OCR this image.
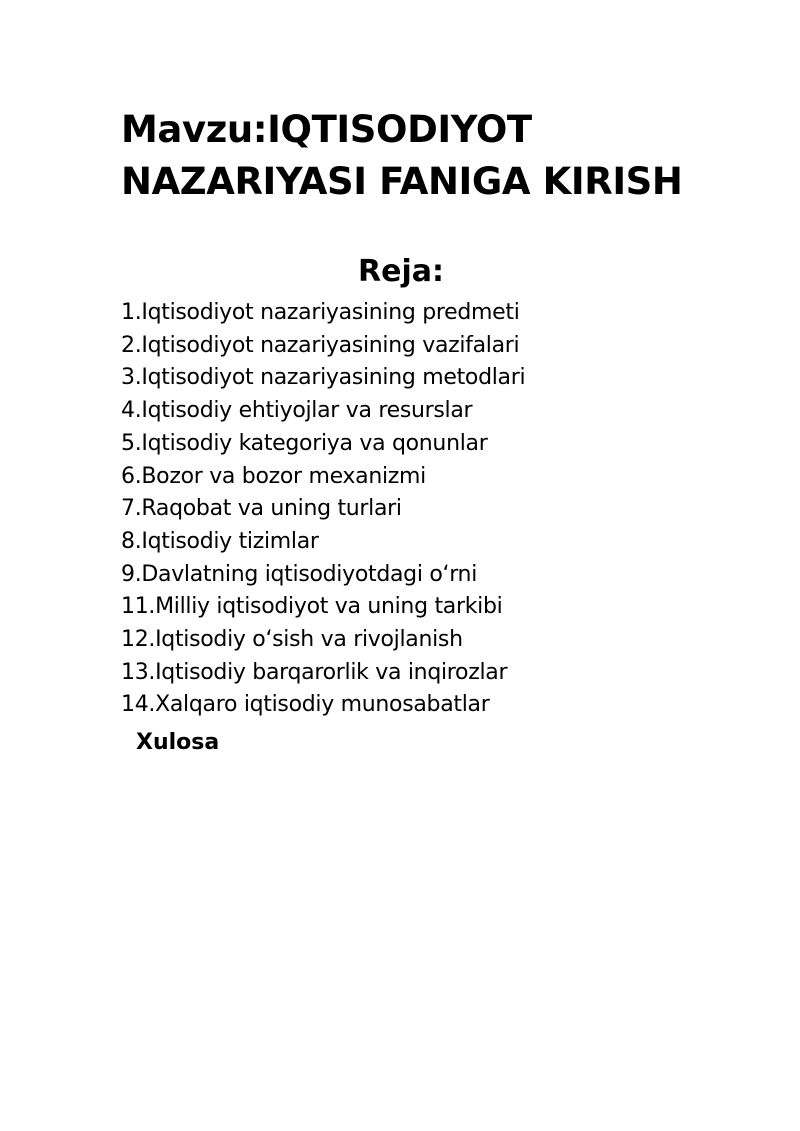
Mavzu:IQTISODIYOT
NAZARIYASI FANIGA KIRISH
Reja:
1.Iqtisodiyot nazariyasining predmeti
2.Iqtisodiyot nazariyasining vazifalari
3.Iqtisodiyot nazariyasining metodlari
4.Iqtisodiy ehtiyojlar va resurslar
5.Iqtisodiy kategoriya va qonunlar
6.Bozor va bozor mexanizmi
7.Raqobat va uning turlari
8.Iqtisodiy tizimlar
9.Davlatning iqtisodiyotdagi o‘rni
11.Milliy iqtisodiyot va uning tarkibi
12.Iqtisodiy o‘sish va rivojlanish
13.Iqtisodiy barqarorlik va inqirozlar
14.Xalqaro iqtisodiy munosabatlar

Xulosa
